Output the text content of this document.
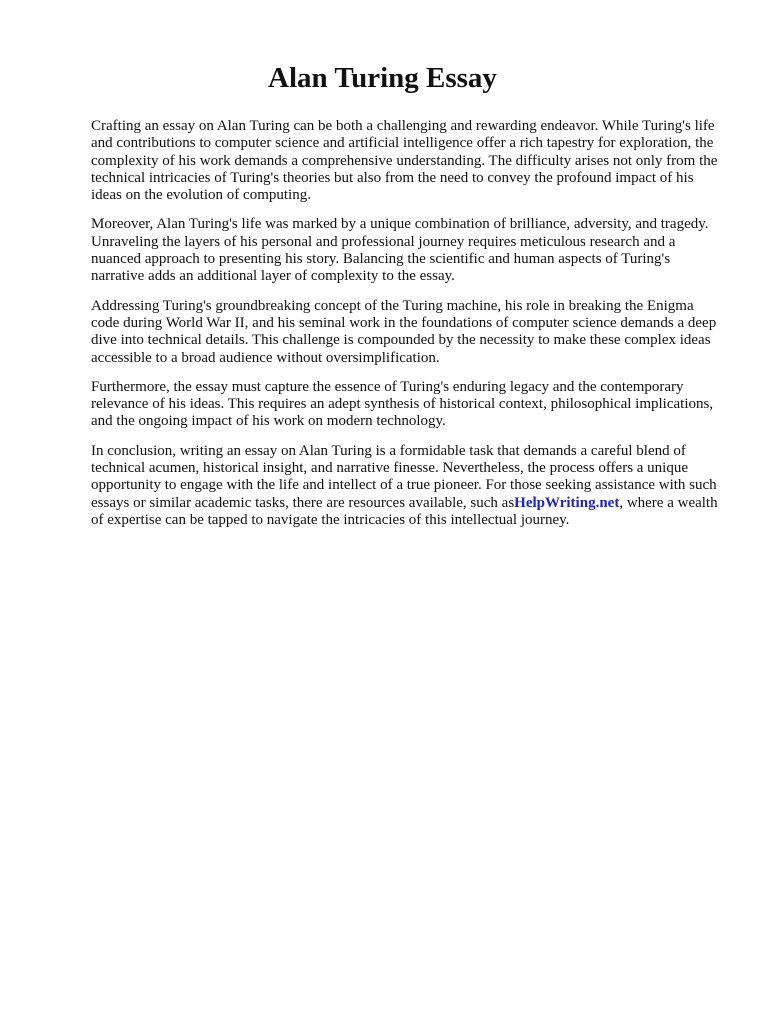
Alan Turing Essay

Crafting an essay on Alan Turing can be both a challenging and rewarding endeavor. While Turing's life and contributions to computer science and artificial intelligence offer a rich tapestry for exploration, the complexity of his work demands a comprehensive understanding. The difficulty arises not only from the technical intricacies of Turing's theories but also from the need to convey the profound impact of his ideas on the evolution of computing.

Moreover, Alan Turing's life was marked by a unique combination of brilliance, adversity, and tragedy. Unraveling the layers of his personal and professional journey requires meticulous research and a nuanced approach to presenting his story. Balancing the scientific and human aspects of Turing's narrative adds an additional layer of complexity to the essay.

Addressing Turing's groundbreaking concept of the Turing machine, his role in breaking the Enigma code during World War II, and his seminal work in the foundations of computer science demands a deep dive into technical details. This challenge is compounded by the necessity to make these complex ideas accessible to a broad audience without oversimplification.

Furthermore, the essay must capture the essence of Turing's enduring legacy and the contemporary relevance of his ideas. This requires an adept synthesis of historical context, philosophical implications, and the ongoing impact of his work on modern technology.

In conclusion, writing an essay on Alan Turing is a formidable task that demands a careful blend of technical acumen, historical insight, and narrative finesse. Nevertheless, the process offers a unique opportunity to engage with the life and intellect of a true pioneer. For those seeking assistance with such essays or similar academic tasks, there are resources available, such asHelpWriting.net, where a wealth of expertise can be tapped to navigate the intricacies of this intellectual journey.
